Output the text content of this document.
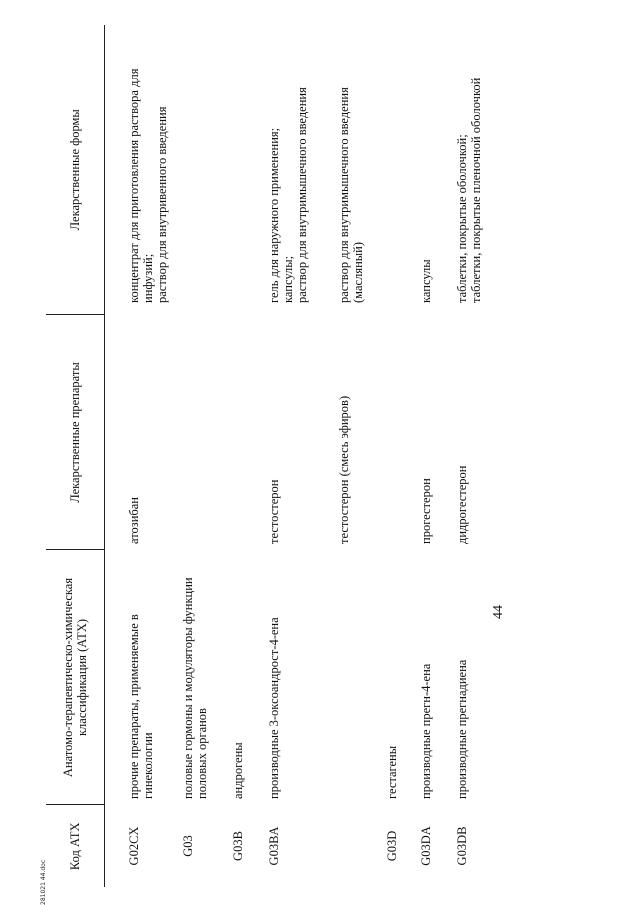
Код АТХ	Анатомо-терапевтическо-химическая классификация (АТХ)	Лекарственные препараты	Лекарственные формы
G02CX	прочие препараты, применяемые в гинекологии	атозибан	концентрат для приготовления раствора для инфузий; раствор для внутривенного введения

G03	половые гормоны и модуляторы функции половых органов		
G03B	андрогены		
G03BA	производные 3-оксоандрост-4-ена	тестостерон	гель для наружного применения; капсулы; раствор для внутримышечного введения

		тестостерон (смесь эфиров)	раствор для внутримышечного введения (масляный)

G03D	гестагены		
G03DA	производные прегн-4-ена	прогестерон	капсулы

G03DB	производные прегнадиена	дидрогестерон	таблетки, покрытые оболочкой; таблетки, покрытые пленочной оболочкой
44
281021 44.doc
